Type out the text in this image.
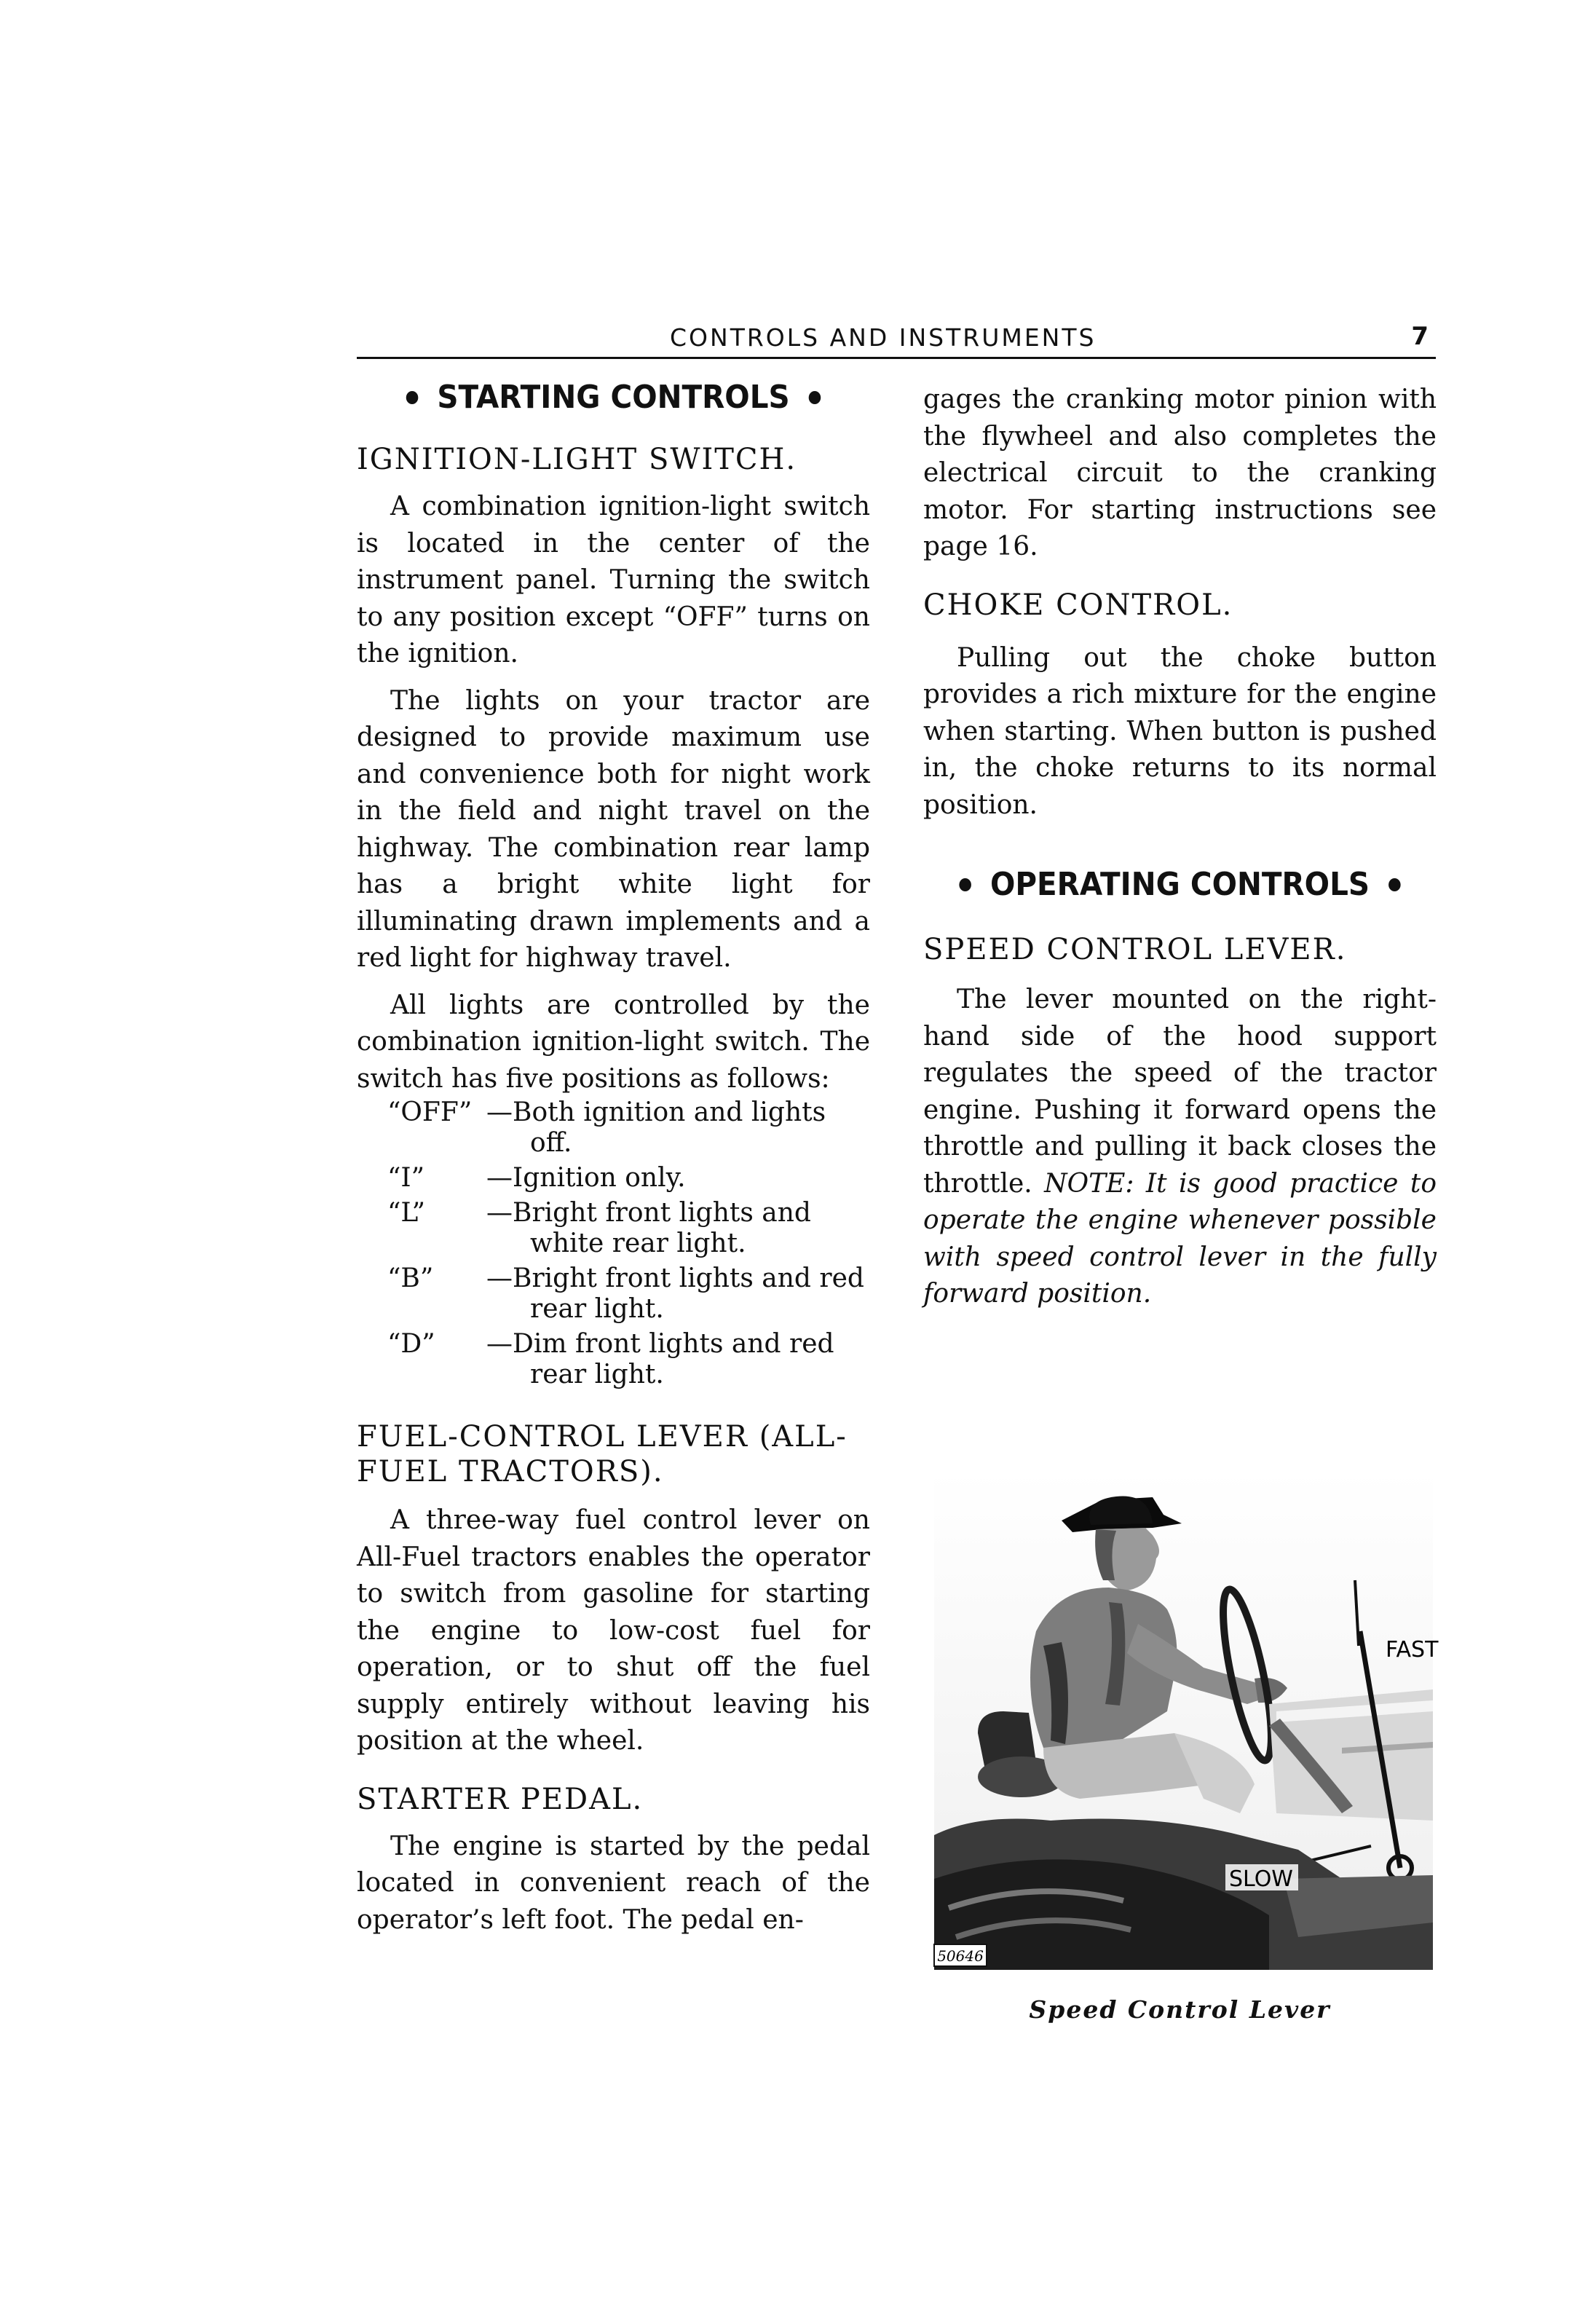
CONTROLS AND INSTRUMENTS	7
STARTING CONTROLS
IGNITION-LIGHT SWITCH.

A combination ignition-light switch is located in the center of the instrument panel. Turning the switch to any position except “OFF” turns on the ignition.

The lights on your tractor are designed to provide maximum use and convenience both for night work in the field and night travel on the highway. The combination rear lamp has a bright white light for illuminating drawn implements and a red light for highway travel.

All lights are controlled by the combination ignition-light switch. The switch has five positions as follows:

“OFF” —Both ignition and lights off.
“I”	—Ignition only.
“L”	—Bright front lights and white rear light.
“B”	—Bright front lights and red rear light.
“D”	—Dim front lights and red rear light.
FUEL-CONTROL LEVER (ALL-FUEL TRACTORS).

A three-way fuel control lever on All-Fuel tractors enables the operator to switch from gasoline for starting the engine to low-cost fuel for operation, or to shut off the fuel supply entirely without leaving his position at the wheel.

STARTER PEDAL.

The engine is started by the pedal located in convenient reach of the operator’s left foot. The pedal en-

gages the cranking motor pinion with the flywheel and also completes the electrical circuit to the cranking motor. For starting instructions see page 16.

CHOKE CONTROL.

Pulling out the choke button provides a rich mixture for the engine when starting. When button is pushed in, the choke returns to its normal position.

OPERATING CONTROLS
SPEED CONTROL LEVER.

The lever mounted on the right-hand side of the hood support regulates the speed of the tractor engine. Pushing it forward opens the throttle and pulling it back closes the throttle. NOTE: It is good practice to operate the engine whenever possible with speed control lever in the fully forward position.

50646
FAST
SLOW
Speed Control Lever
